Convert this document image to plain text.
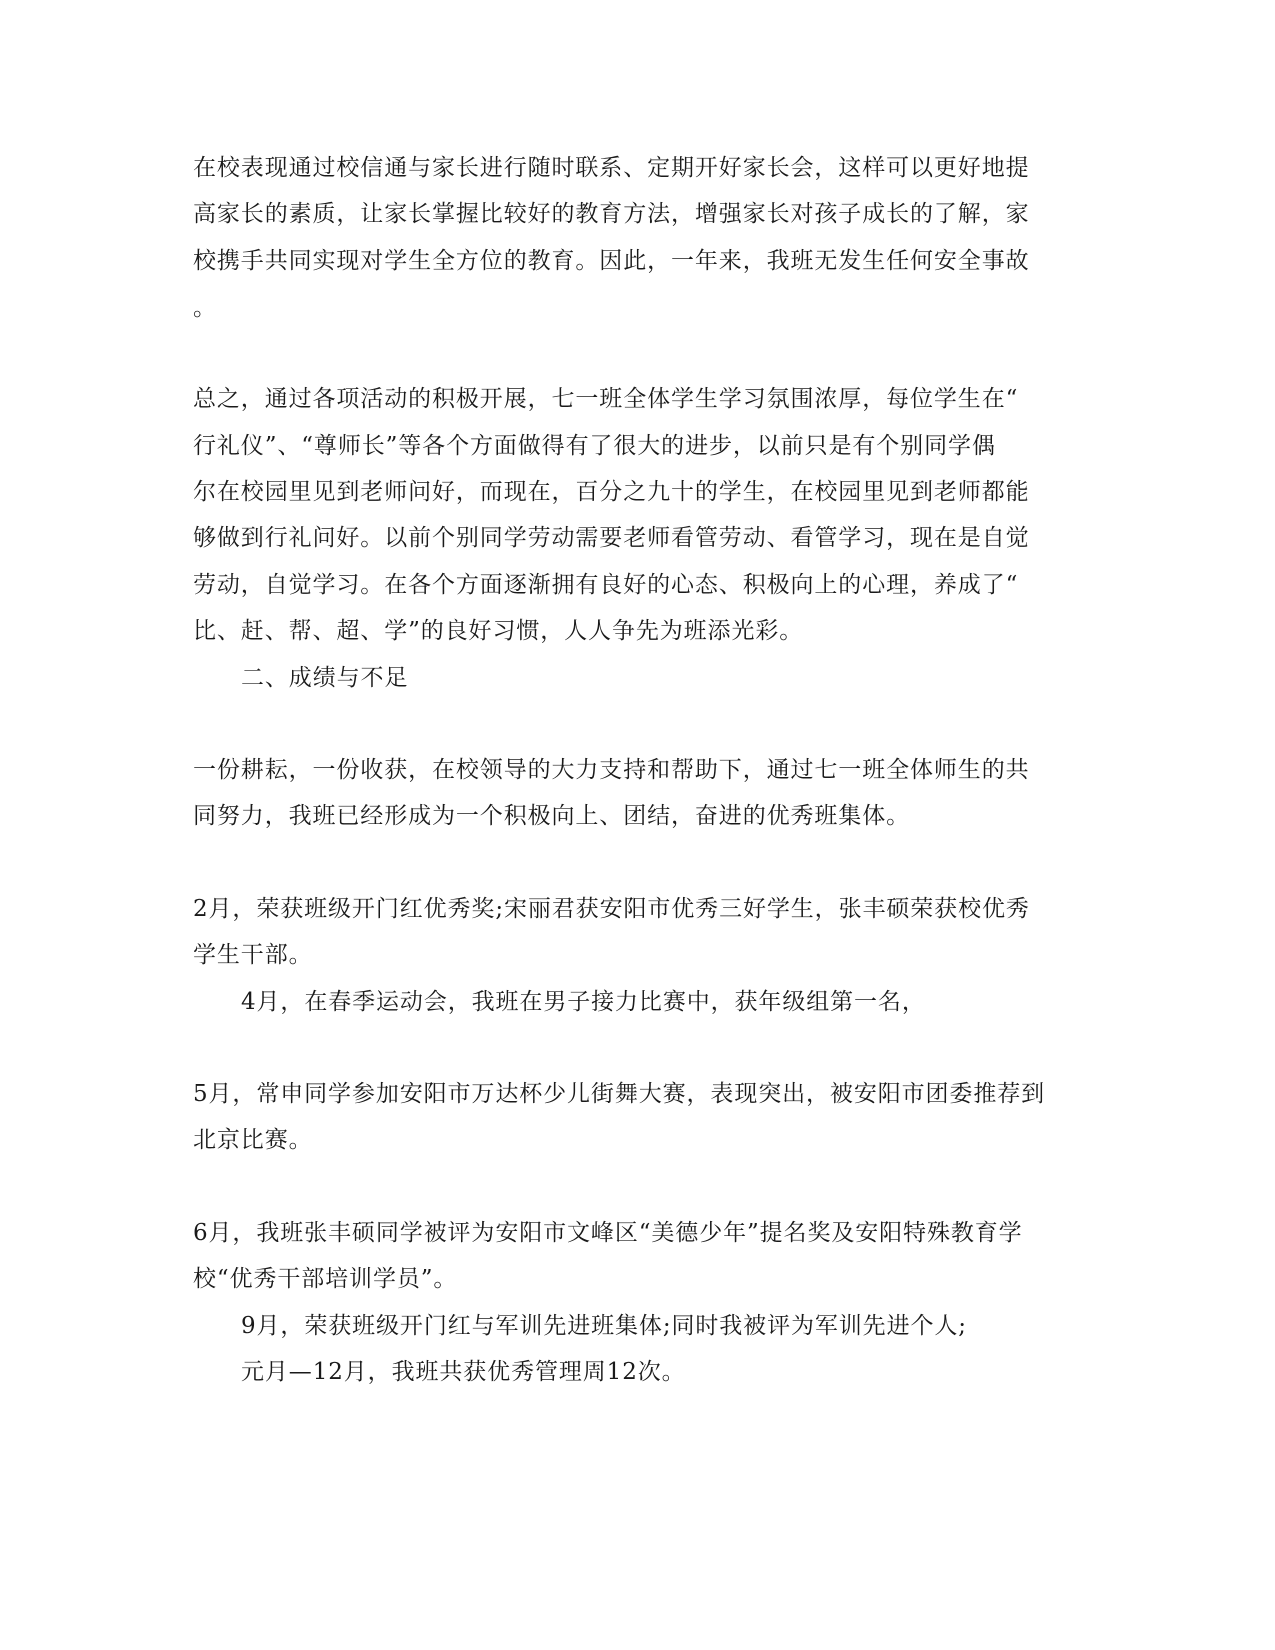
在校表现通过校信通与家长进行随时联系、定期开好家长会，这样可以更好地提
高家长的素质，让家长掌握比较好的教育方法，增强家长对孩子成长的了解，家
校携手共同实现对学生全方位的教育。因此，一年来，我班无发生任何安全事故
。
总之，通过各项活动的积极开展，七一班全体学生学习氛围浓厚，每位学生在“
行礼仪”、“尊师长”等各个方面做得有了很大的进步，以前只是有个别同学偶
尔在校园里见到老师问好，而现在，百分之九十的学生，在校园里见到老师都能
够做到行礼问好。以前个别同学劳动需要老师看管劳动、看管学习，现在是自觉
劳动，自觉学习。在各个方面逐渐拥有良好的心态、积极向上的心理，养成了“
比、赶、帮、超、学”的良好习惯，人人争先为班添光彩。
二、成绩与不足
一份耕耘，一份收获，在校领导的大力支持和帮助下，通过七一班全体师生的共
同努力，我班已经形成为一个积极向上、团结，奋进的优秀班集体。
2月，荣获班级开门红优秀奖;宋丽君获安阳市优秀三好学生，张丰硕荣获校优秀
学生干部。
4月，在春季运动会，我班在男子接力比赛中，获年级组第一名，
5月，常申同学参加安阳市万达杯少儿街舞大赛，表现突出，被安阳市团委推荐到
北京比赛。
6月，我班张丰硕同学被评为安阳市文峰区“美德少年”提名奖及安阳特殊教育学
校“优秀干部培训学员”。
9月，荣获班级开门红与军训先进班集体;同时我被评为军训先进个人;
元月—12月，我班共获优秀管理周12次。
